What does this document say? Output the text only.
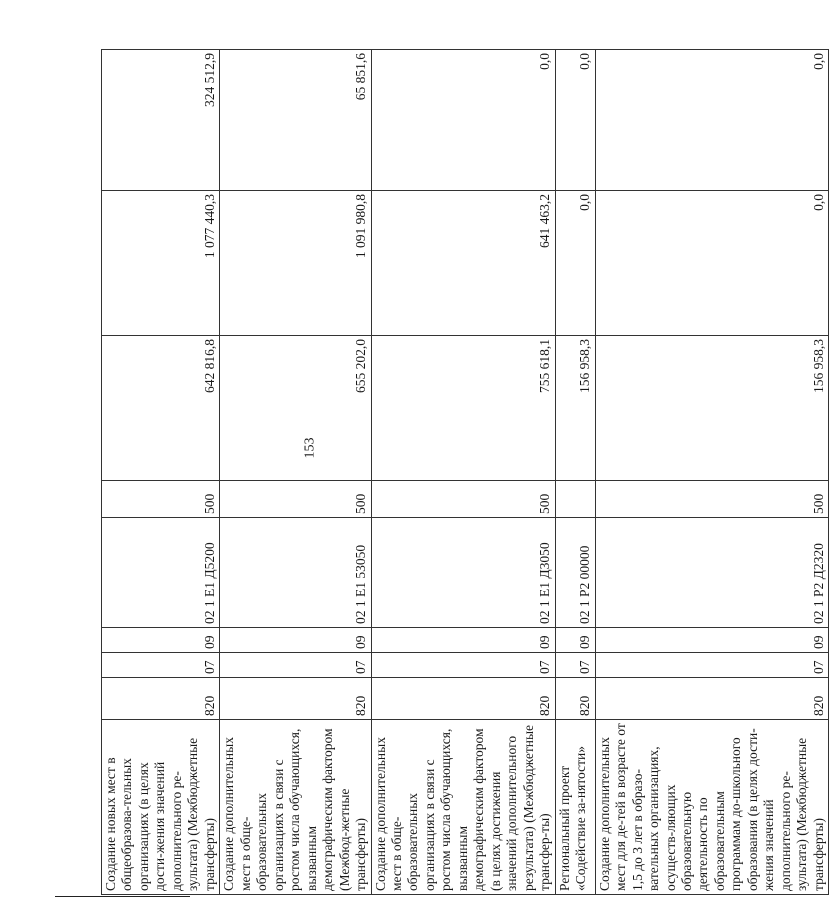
153
Создание новых мест в общеобразова-тельных организациях (в целях дости-жения значений дополнительного ре-зультата) (Межбюджетные трансферты)	820	07	09	02 1 Е1 Д5200	500	642 816,8	1 077 440,3	324 512,9
Создание дополнительных мест в обще-образовательных организациях в связи с ростом числа обучающихся, вызванным демографическим фактором (Межбюд-жетные трансферты)	820	07	09	02 1 Е1 53050	500	655 202,0	1 091 980,8	65 851,6
Создание дополнительных мест в обще-образовательных организациях в связи с ростом числа обучающихся, вызванным демографическим фактором (в целях достижения значений дополнительного результата) (Межбюджетные трансфер-ты)	820	07	09	02 1 Е1 Д3050	500	755 618,1	641 463,2	0,0
Региональный проект «Содействие за-нятости»	820	07	09	02 1 Р2 00000		156 958,3	0,0	0,0
Создание дополнительных мест для де-тей в возрасте от 1,5 до 3 лет в образо-вательных организациях, осуществ-ляющих образовательную деятельность по образовательным программам до-школьного образования (в целях дости-жения значений дополнительного ре-зультата) (Межбюджетные трансферты)	820	07	09	02 1 Р2 Д2320	500	156 958,3	0,0	0,0
